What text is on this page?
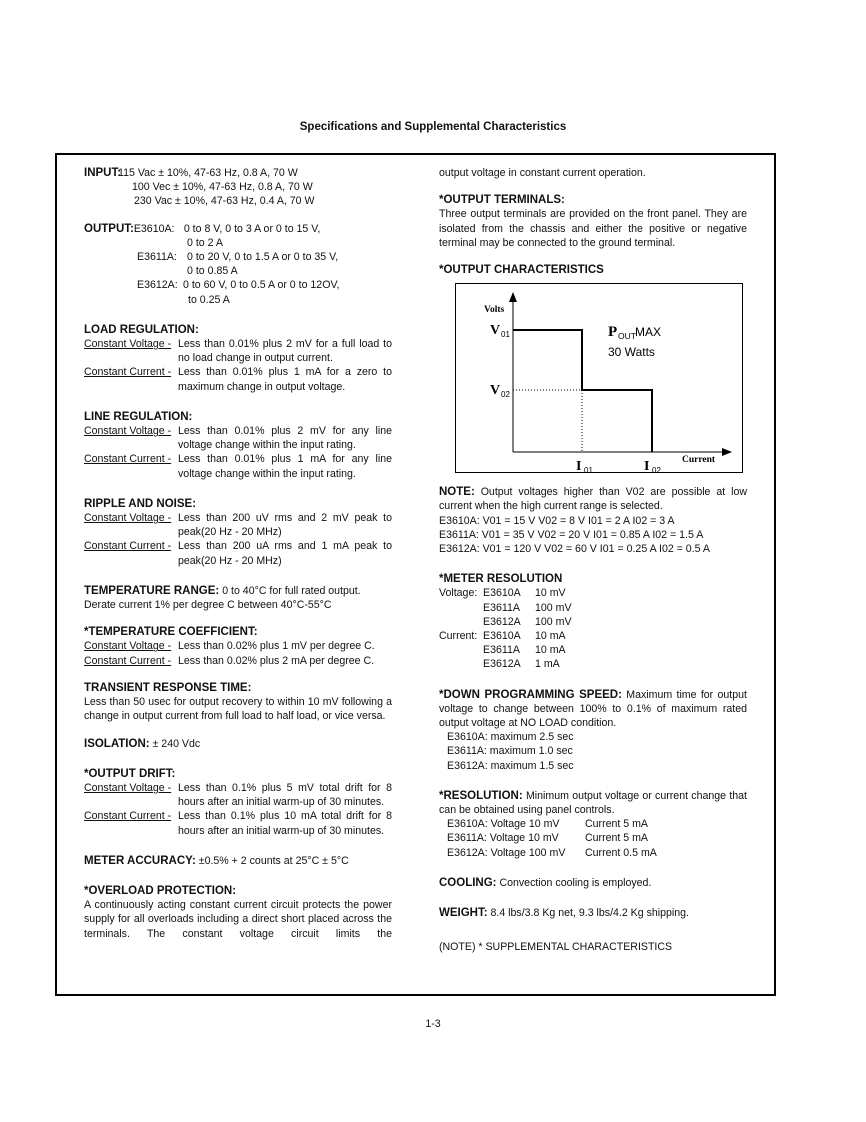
Specifications and Supplemental Characteristics
INPUT:
115 Vac ± 10%, 47-63 Hz, 0.8 A, 70 W
100 Vec ± 10%, 47-63 Hz, 0.8 A, 70 W
230 Vac ± 10%, 47-63 Hz, 0.4 A, 70 W
OUTPUT: E3610A: 0 to 8 V, 0 to 3 A or 0 to 15 V,
0 to 2 A
E3611A: 0 to 20 V, 0 to 1.5 A or 0 to 35 V,
0 to 0.85 A
E3612A: 0 to 60 V, 0 to 0.5 A or 0 to 12OV,
to 0.25 A
LOAD REGULATION:
Constant Voltage - Less than 0.01% plus 2 mV for a full load to no load change in output current.
Constant Current - Less than 0.01% plus 1 mA for a zero to maximum change in output voltage.
LINE REGULATION:
Constant Voltage - Less than 0.01% plus 2 mV for any line voltage change within the input rating.
Constant Current - Less than 0.01% plus 1 mA for any line voltage change within the input rating.
RIPPLE AND NOISE:
Constant Voltage - Less than 200 uV rms and 2 mV peak to peak(20 Hz - 20 MHz)
Constant Current - Less than 200 uA rms and 1 mA peak to peak(20 Hz - 20 MHz)
TEMPERATURE RANGE: 0 to 40°C for full rated output.
Derate current 1% per degree C between 40°C-55°C
*TEMPERATURE COEFFICIENT:
Constant Voltage - Less than 0.02% plus 1 mV per degree C.
Constant Current - Less than 0.02% plus 2 mA per degree C.
TRANSIENT RESPONSE TIME:
Less than 50 usec for output recovery to within 10 mV following a change in output current from full load to half load, or vice versa.
ISOLATION: ± 240 Vdc
*OUTPUT DRIFT:
Constant Voltage - Less than 0.1% plus 5 mV total drift for 8 hours after an initial warm-up of 30 minutes.
Constant Current - Less than 0.1% plus 10 mA total drift for 8 hours after an initial warm-up of 30 minutes.
METER ACCURACY: ±0.5% + 2 counts at 25°C ± 5°C
*OVERLOAD PROTECTION:
A continuously acting constant current circuit protects the power supply for all overloads including a direct short placed across the terminals. The constant voltage circuit limits the
output voltage in constant current operation.
*OUTPUT TERMINALS:
Three output terminals are provided on the front panel. They are isolated from the chassis and either the positive or negative terminal may be connected to the ground terminal.
*OUTPUT CHARACTERISTICS
Volts
Current
V 01
V 02
I 01	I 02
P OUT MAX
30 Watts
NOTE: Output voltages higher than V02 are possible at low current when the high current range is selected.
E3610A: V01 = 15 V V02 = 8 V I01 = 2 A I02 = 3 A
E3611A: V01 = 35 V V02 = 20 V I01 = 0.85 A I02 = 1.5 A
E3612A: V01 = 120 V V02 = 60 V I01 = 0.25 A I02 = 0.5 A
*METER RESOLUTION
Voltage: E3610A	10 mV
E3611A	100 mV
E3612A	100 mV
Current: E3610A	10 mA
E3611A	10 mA
E3612A	1 mA
*DOWN PROGRAMMING SPEED: Maximum time for output voltage to change between 100% to 0.1% of maximum rated output voltage at NO LOAD condition.
E3610A: maximum 2.5 sec
E3611A: maximum 1.0 sec
E3612A: maximum 1.5 sec
*RESOLUTION: Minimum output voltage or current change that can be obtained using panel controls.
E3610A: Voltage 10 mV	Current 5 mA
E3611A: Voltage 10 mV	Current 5 mA
E3612A: Voltage 100 mV	Current 0.5 mA
COOLING: Convection cooling is employed.
WEIGHT: 8.4 lbs/3.8 Kg net, 9.3 lbs/4.2 Kg shipping.
(NOTE) * SUPPLEMENTAL CHARACTERISTICS
1-3
